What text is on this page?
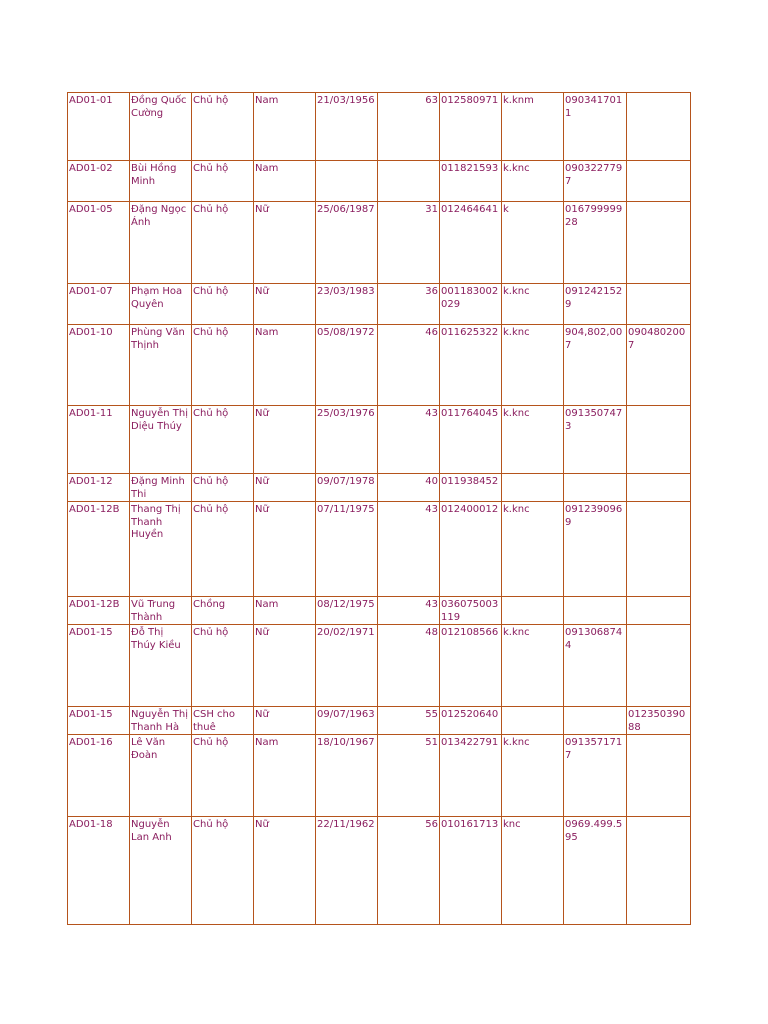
AD01-01	Đồng Quốc Cường	Chủ hộ	Nam	21/03/1956	63	012580971	k.knm	0903417011	
AD01-02	Bùi Hồng Minh	Chủ hộ	Nam			011821593	k.knc	0903227797	
AD01-05	Đặng Ngọc Ánh	Chủ hộ	Nữ	25/06/1987	31	012464641	k	01679999928	
AD01-07	Phạm Hoa Quyên	Chủ hộ	Nữ	23/03/1983	36	001183002029	k.knc	0912421529	
AD01-10	Phùng Văn Thịnh	Chủ hộ	Nam	05/08/1972	46	011625322	k.knc	904,802,007	0904802007
AD01-11	Nguyễn Thị Diệu Thúy	Chủ hộ	Nữ	25/03/1976	43	011764045	k.knc	0913507473	
AD01-12	Đặng Minh Thi	Chủ hộ	Nữ	09/07/1978	40	011938452			
AD01-12B	Thang Thị Thanh Huyền	Chủ hộ	Nữ	07/11/1975	43	012400012	k.knc	0912390969	
AD01-12B	Vũ Trung Thành	Chồng	Nam	08/12/1975	43	036075003119			
AD01-15	Đỗ Thị Thúy Kiều	Chủ hộ	Nữ	20/02/1971	48	012108566	k.knc	0913068744	
AD01-15	Nguyễn Thị Thanh Hà	CSH cho thuê	Nữ	09/07/1963	55	012520640			01235039088
AD01-16	Lê Văn Đoàn	Chủ hộ	Nam	18/10/1967	51	013422791	k.knc	0913571717	
AD01-18	Nguyễn Lan Anh	Chủ hộ	Nữ	22/11/1962	56	010161713	knc	0969.499.595	
